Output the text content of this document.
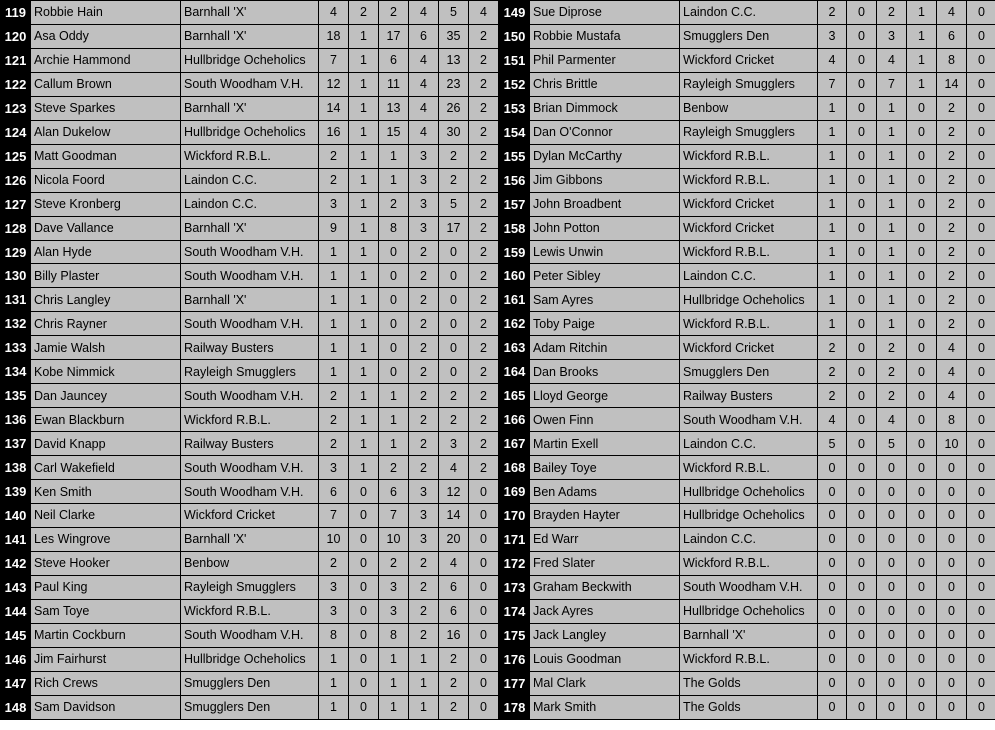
119	Robbie Hain	Barnhall 'X'	4	2	2	4	5	4
120	Asa Oddy	Barnhall 'X'	18	1	17	6	35	2
121	Archie Hammond	Hullbridge Ocheholics	7	1	6	4	13	2
122	Callum Brown	South Woodham V.H.	12	1	11	4	23	2
123	Steve Sparkes	Barnhall 'X'	14	1	13	4	26	2
124	Alan Dukelow	Hullbridge Ocheholics	16	1	15	4	30	2
125	Matt Goodman	Wickford R.B.L.	2	1	1	3	2	2
126	Nicola Foord	Laindon C.C.	2	1	1	3	2	2
127	Steve Kronberg	Laindon C.C.	3	1	2	3	5	2
128	Dave Vallance	Barnhall 'X'	9	1	8	3	17	2
129	Alan Hyde	South Woodham V.H.	1	1	0	2	0	2
130	Billy Plaster	South Woodham V.H.	1	1	0	2	0	2
131	Chris Langley	Barnhall 'X'	1	1	0	2	0	2
132	Chris Rayner	South Woodham V.H.	1	1	0	2	0	2
133	Jamie Walsh	Railway Busters	1	1	0	2	0	2
134	Kobe Nimmick	Rayleigh Smugglers	1	1	0	2	0	2
135	Dan Jauncey	South Woodham V.H.	2	1	1	2	2	2
136	Ewan Blackburn	Wickford R.B.L.	2	1	1	2	2	2
137	David Knapp	Railway Busters	2	1	1	2	3	2
138	Carl Wakefield	South Woodham V.H.	3	1	2	2	4	2
139	Ken Smith	South Woodham V.H.	6	0	6	3	12	0
140	Neil Clarke	Wickford Cricket	7	0	7	3	14	0
141	Les Wingrove	Barnhall 'X'	10	0	10	3	20	0
142	Steve Hooker	Benbow	2	0	2	2	4	0
143	Paul King	Rayleigh Smugglers	3	0	3	2	6	0
144	Sam Toye	Wickford R.B.L.	3	0	3	2	6	0
145	Martin Cockburn	South Woodham V.H.	8	0	8	2	16	0
146	Jim Fairhurst	Hullbridge Ocheholics	1	0	1	1	2	0
147	Rich Crews	Smugglers Den	1	0	1	1	2	0
148	Sam Davidson	Smugglers Den	1	0	1	1	2	0
149	Sue Diprose	Laindon C.C.	2	0	2	1	4	0
150	Robbie Mustafa	Smugglers Den	3	0	3	1	6	0
151	Phil Parmenter	Wickford Cricket	4	0	4	1	8	0
152	Chris Brittle	Rayleigh Smugglers	7	0	7	1	14	0
153	Brian Dimmock	Benbow	1	0	1	0	2	0
154	Dan O'Connor	Rayleigh Smugglers	1	0	1	0	2	0
155	Dylan McCarthy	Wickford R.B.L.	1	0	1	0	2	0
156	Jim Gibbons	Wickford R.B.L.	1	0	1	0	2	0
157	John Broadbent	Wickford Cricket	1	0	1	0	2	0
158	John Potton	Wickford Cricket	1	0	1	0	2	0
159	Lewis Unwin	Wickford R.B.L.	1	0	1	0	2	0
160	Peter Sibley	Laindon C.C.	1	0	1	0	2	0
161	Sam Ayres	Hullbridge Ocheholics	1	0	1	0	2	0
162	Toby Paige	Wickford R.B.L.	1	0	1	0	2	0
163	Adam Ritchin	Wickford Cricket	2	0	2	0	4	0
164	Dan Brooks	Smugglers Den	2	0	2	0	4	0
165	Lloyd George	Railway Busters	2	0	2	0	4	0
166	Owen Finn	South Woodham V.H.	4	0	4	0	8	0
167	Martin Exell	Laindon C.C.	5	0	5	0	10	0
168	Bailey Toye	Wickford R.B.L.	0	0	0	0	0	0
169	Ben Adams	Hullbridge Ocheholics	0	0	0	0	0	0
170	Brayden Hayter	Hullbridge Ocheholics	0	0	0	0	0	0
171	Ed Warr	Laindon C.C.	0	0	0	0	0	0
172	Fred Slater	Wickford R.B.L.	0	0	0	0	0	0
173	Graham Beckwith	South Woodham V.H.	0	0	0	0	0	0
174	Jack Ayres	Hullbridge Ocheholics	0	0	0	0	0	0
175	Jack Langley	Barnhall 'X'	0	0	0	0	0	0
176	Louis Goodman	Wickford R.B.L.	0	0	0	0	0	0
177	Mal Clark	The Golds	0	0	0	0	0	0
178	Mark Smith	The Golds	0	0	0	0	0	0
